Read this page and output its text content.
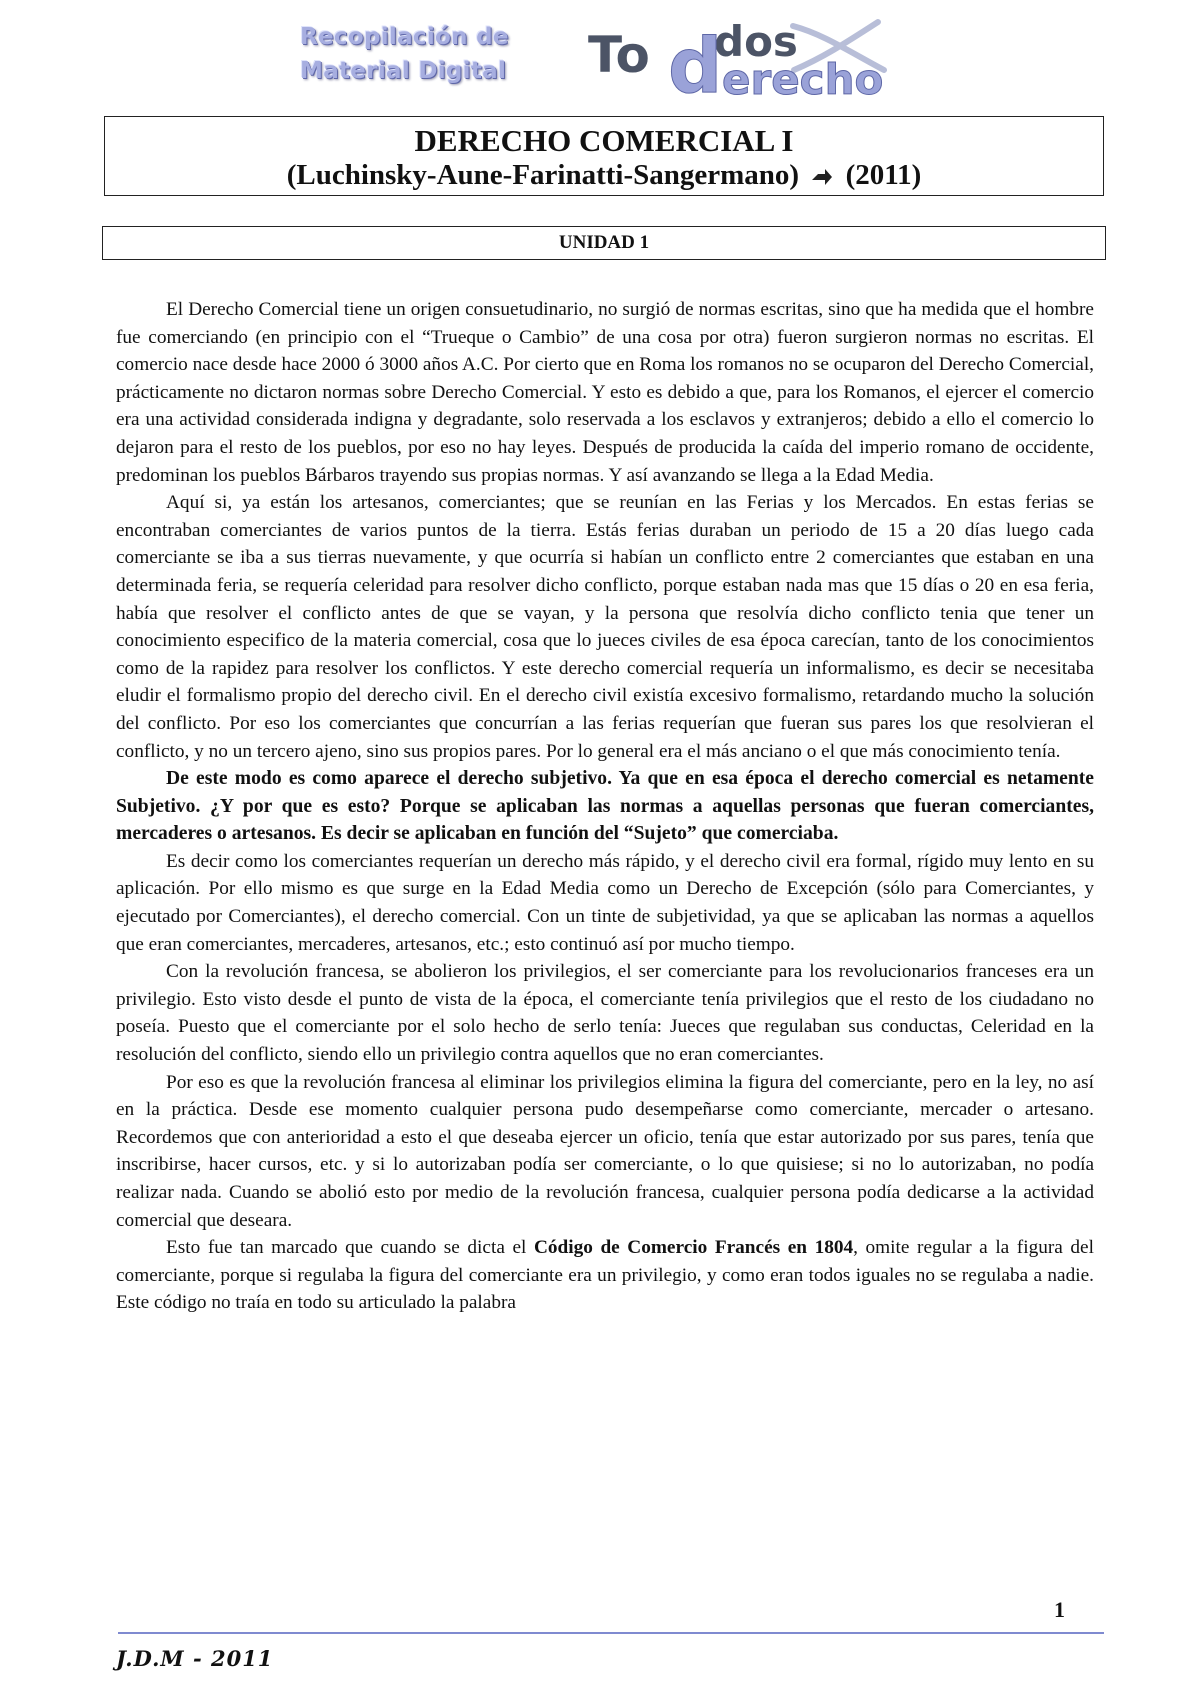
Recopilación de
Material Digital	To dos
d erecho
DERECHO COMERCIAL I
(Luchinsky-Aune-Farinatti-Sangermano) (2011)
UNIDAD 1

El Derecho Comercial tiene un origen consuetudinario, no surgió de normas escritas, sino que ha medida que el hombre fue comerciando (en principio con el “Trueque o Cambio” de una cosa por otra) fueron surgieron normas no escritas. El comercio nace desde hace 2000 ó 3000 años A.C. Por cierto que en Roma los romanos no se ocuparon del Derecho Comercial, prácticamente no dictaron normas sobre Derecho Comercial. Y esto es debido a que, para los Romanos, el ejercer el comercio era una actividad considerada indigna y degradante, solo reservada a los esclavos y extranjeros; debido a ello el comercio lo dejaron para el resto de los pueblos, por eso no hay leyes. Después de producida la caída del imperio romano de occidente, predominan los pueblos Bárbaros trayendo sus propias normas. Y así avanzando se llega a la Edad Media.

Aquí si, ya están los artesanos, comerciantes; que se reunían en las Ferias y los Mercados. En estas ferias se encontraban comerciantes de varios puntos de la tierra. Estás ferias duraban un periodo de 15 a 20 días luego cada comerciante se iba a sus tierras nuevamente, y que ocurría si habían un conflicto entre 2 comerciantes que estaban en una determinada feria, se requería celeridad para resolver dicho conflicto, porque estaban nada mas que 15 días o 20 en esa feria, había que resolver el conflicto antes de que se vayan, y la persona que resolvía dicho conflicto tenia que tener un conocimiento especifico de la materia comercial, cosa que lo jueces civiles de esa época carecían, tanto de los conocimientos como de la rapidez para resolver los conflictos. Y este derecho comercial requería un informalismo, es decir se necesitaba eludir el formalismo propio del derecho civil. En el derecho civil existía excesivo formalismo, retardando mucho la solución del conflicto. Por eso los comerciantes que concurrían a las ferias requerían que fueran sus pares los que resolvieran el conflicto, y no un tercero ajeno, sino sus propios pares. Por lo general era el más anciano o el que más conocimiento tenía.

De este modo es como aparece el derecho subjetivo. Ya que en esa época el derecho comercial es netamente Subjetivo. ¿Y por que es esto? Porque se aplicaban las normas a aquellas personas que fueran comerciantes, mercaderes o artesanos. Es decir se aplicaban en función del “Sujeto” que comerciaba.

Es decir como los comerciantes requerían un derecho más rápido, y el derecho civil era formal, rígido muy lento en su aplicación. Por ello mismo es que surge en la Edad Media como un Derecho de Excepción (sólo para Comerciantes, y ejecutado por Comerciantes), el derecho comercial. Con un tinte de subjetividad, ya que se aplicaban las normas a aquellos que eran comerciantes, mercaderes, artesanos, etc.; esto continuó así por mucho tiempo.

Con la revolución francesa, se abolieron los privilegios, el ser comerciante para los revolucionarios franceses era un privilegio. Esto visto desde el punto de vista de la época, el comerciante tenía privilegios que el resto de los ciudadano no poseía. Puesto que el comerciante por el solo hecho de serlo tenía: Jueces que regulaban sus conductas, Celeridad en la resolución del conflicto, siendo ello un privilegio contra aquellos que no eran comerciantes.

Por eso es que la revolución francesa al eliminar los privilegios elimina la figura del comerciante, pero en la ley, no así en la práctica. Desde ese momento cualquier persona pudo desempeñarse como comerciante, mercader o artesano. Recordemos que con anterioridad a esto el que deseaba ejercer un oficio, tenía que estar autorizado por sus pares, tenía que inscribirse, hacer cursos, etc. y si lo autorizaban podía ser comerciante, o lo que quisiese; si no lo autorizaban, no podía realizar nada. Cuando se abolió esto por medio de la revolución francesa, cualquier persona podía dedicarse a la actividad comercial que deseara.

Esto fue tan marcado que cuando se dicta el Código de Comercio Francés en 1804, omite regular a la figura del comerciante, porque si regulaba la figura del comerciante era un privilegio, y como eran todos iguales no se regulaba a nadie. Este código no traía en todo su articulado la palabra

1
J.D.M - 2011
